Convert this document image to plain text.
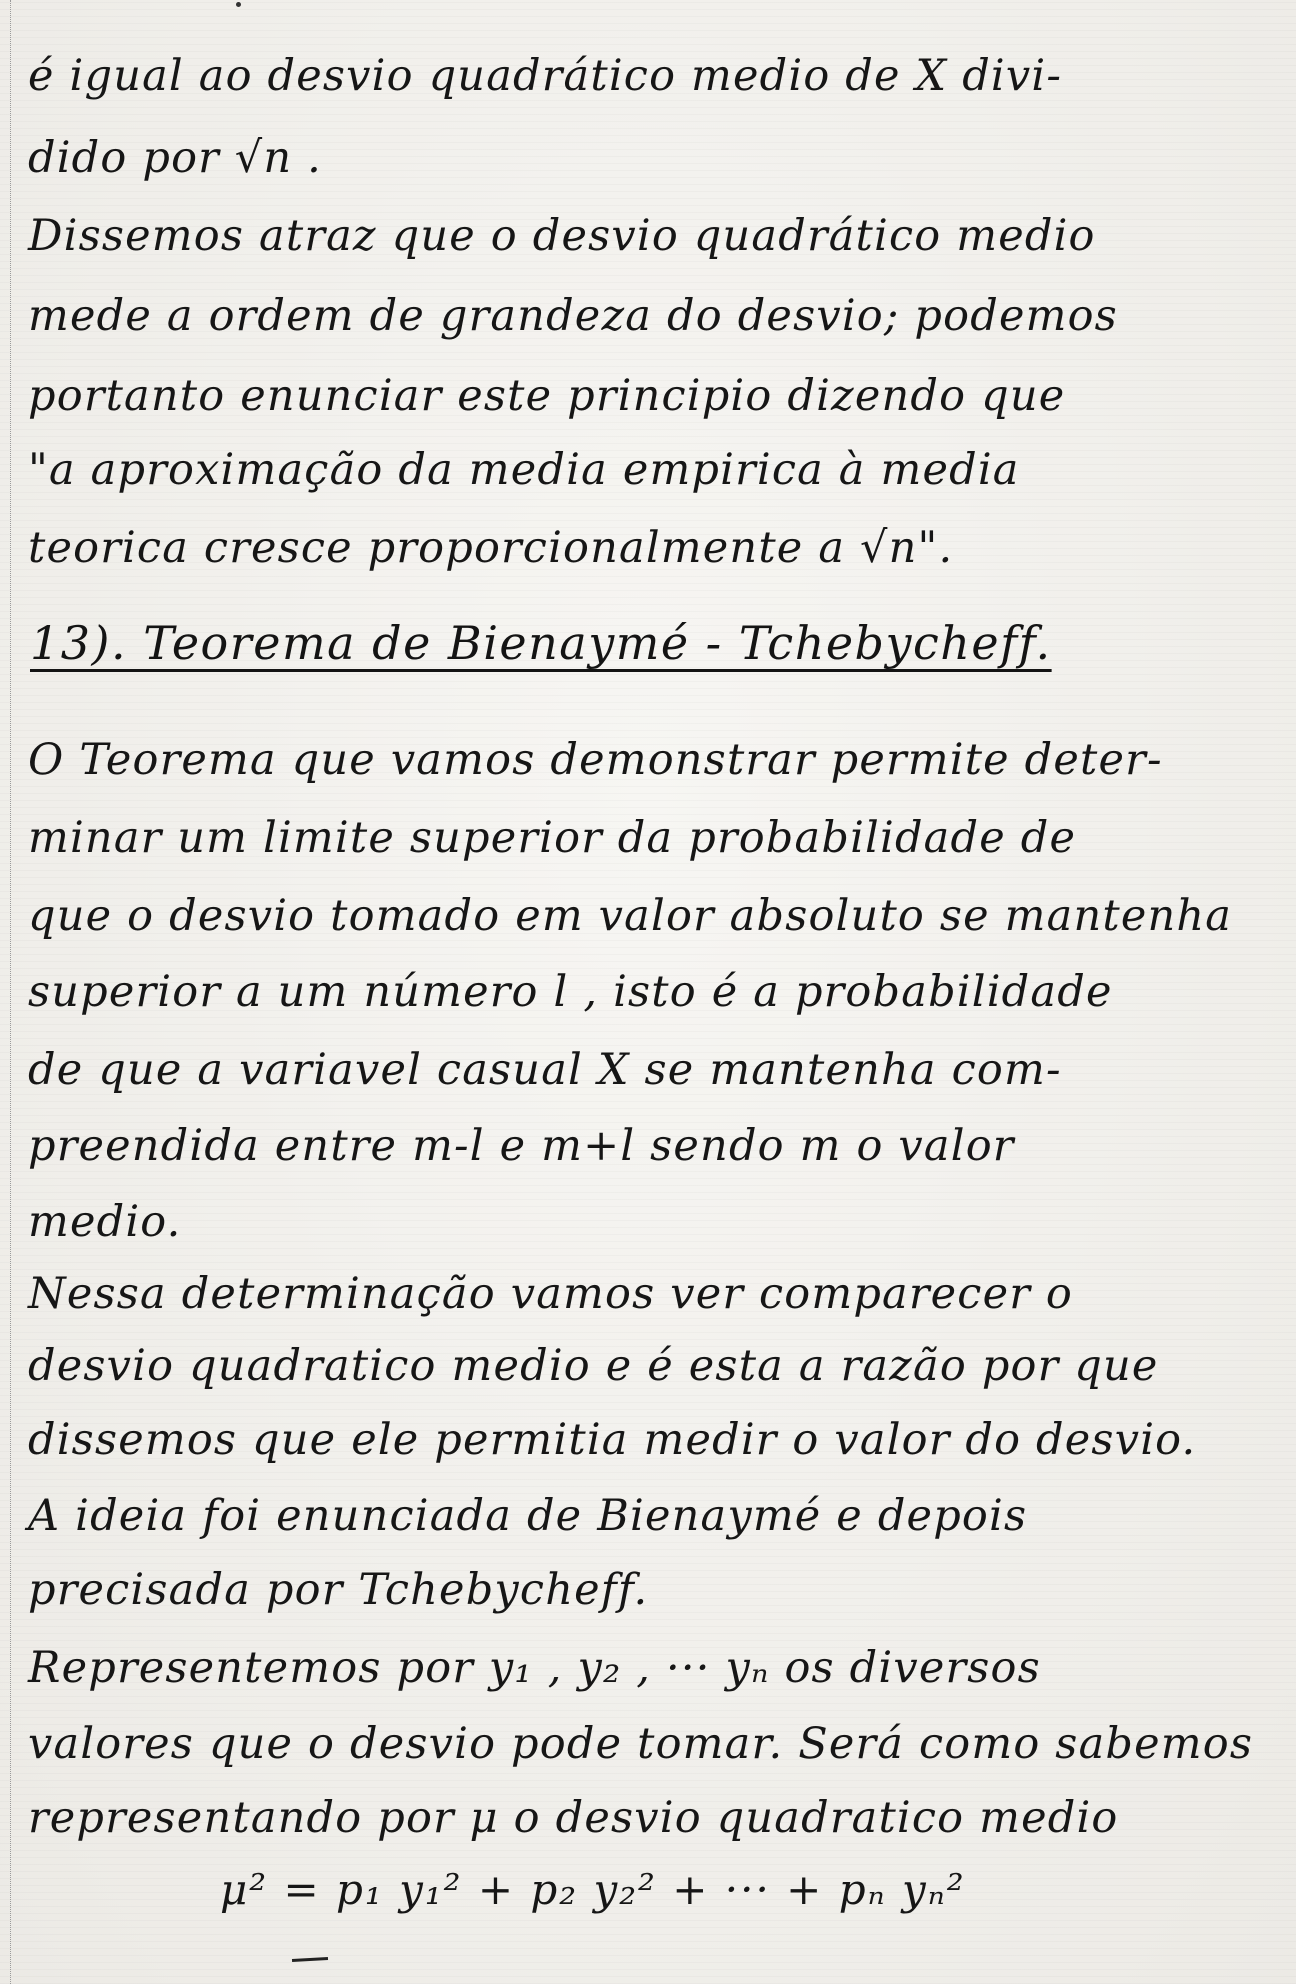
é igual ao desvio quadrático medio de X divi-
dido por √n .
Dissemos atraz que o desvio quadrático medio
mede a ordem de grandeza do desvio; podemos
portanto enunciar este principio dizendo que
"a aproximação da media empirica à media
teorica cresce proporcionalmente a √n".
13). Teorema de Bienaymé - Tchebycheff.
O Teorema que vamos demonstrar permite deter-
minar um limite superior da probabilidade de
que o desvio tomado em valor absoluto se mantenha
superior a um número l , isto é a probabilidade
de que a variavel casual X se mantenha com-
preendida entre m-l e m+l sendo m o valor
medio.
Nessa determinação vamos ver comparecer o
desvio quadratico medio e é esta a razão por que
dissemos que ele permitia medir o valor do desvio.
A ideia foi enunciada de Bienaymé e depois
precisada por Tchebycheff.
Representemos por y₁ , y₂ , ··· yₙ os diversos
valores que o desvio pode tomar. Será como sabemos
representando por μ o desvio quadratico medio
μ² = p₁ y₁² + p₂ y₂² + ··· + pₙ yₙ²
